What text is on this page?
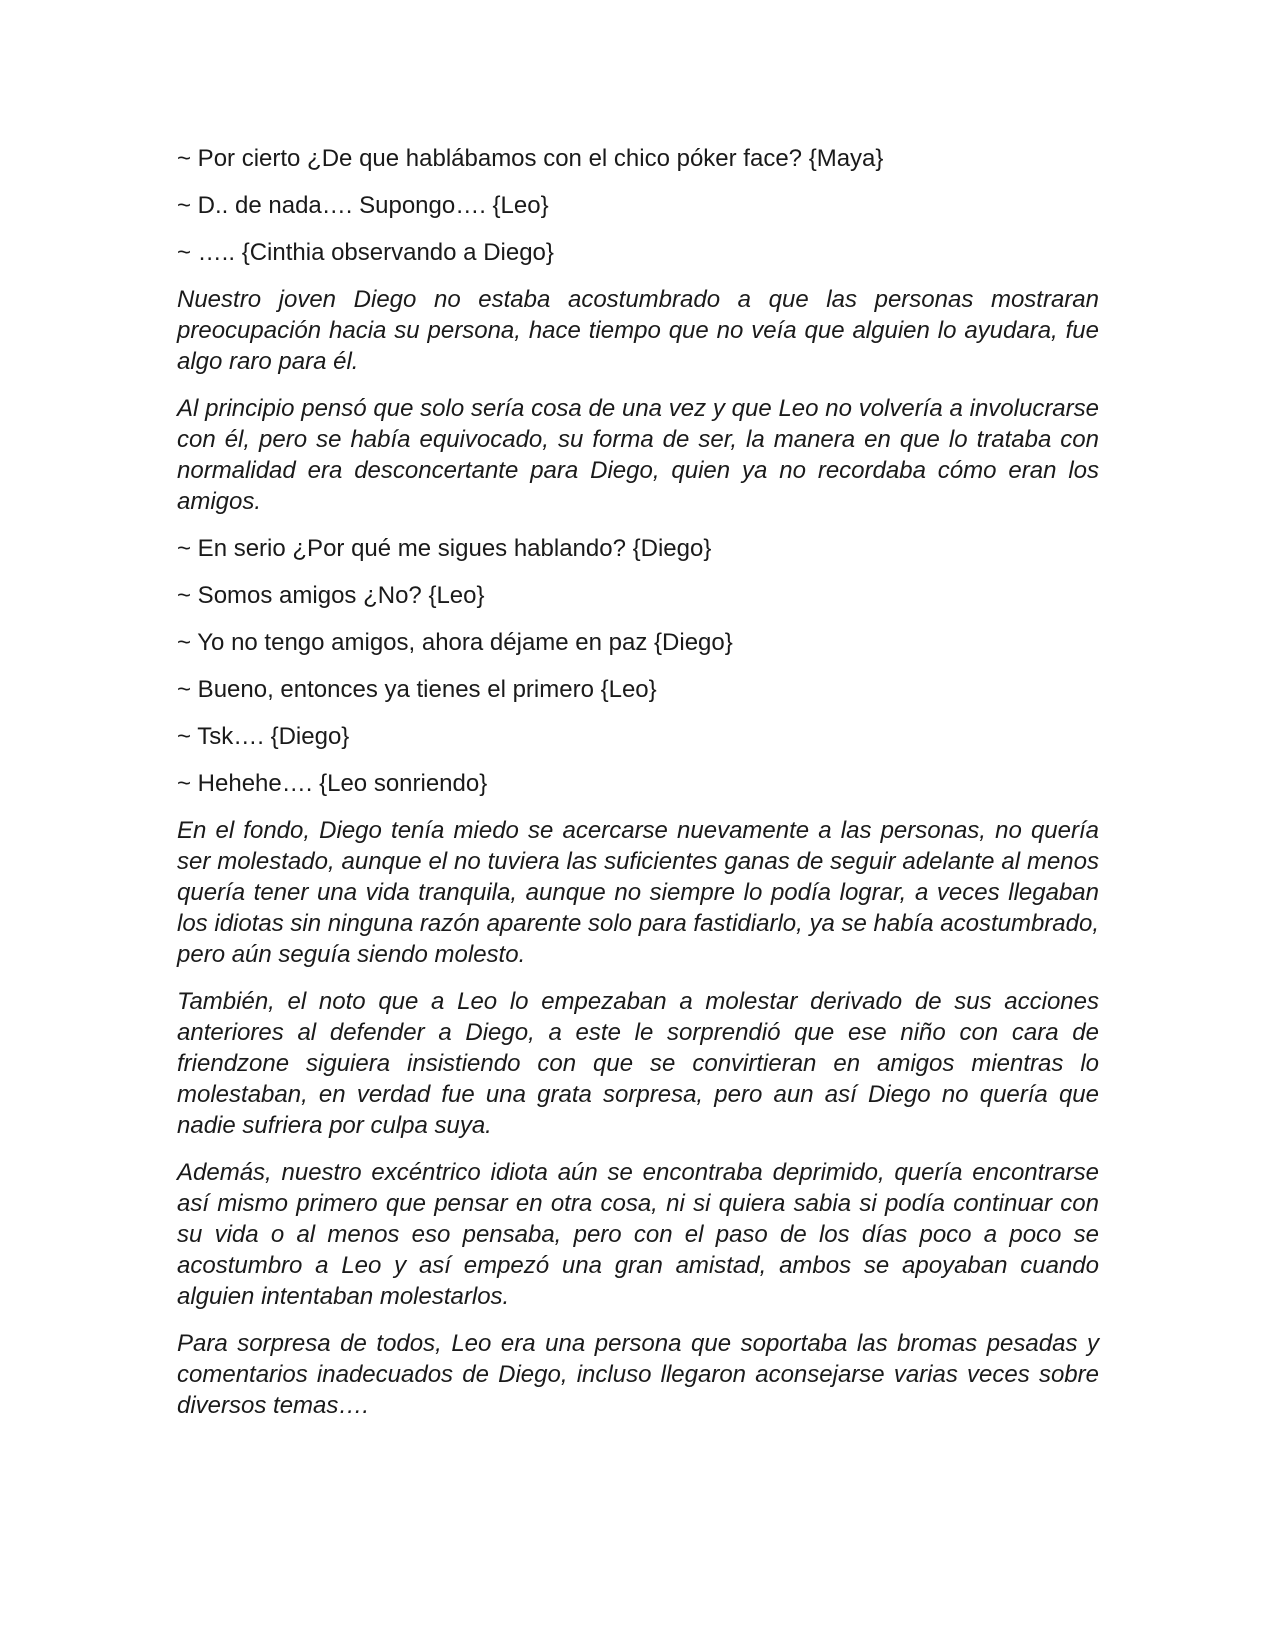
~ Por cierto ¿De que hablábamos con el chico póker face? {Maya}

~ D.. de nada…. Supongo…. {Leo}

~ ….. {Cinthia observando a Diego}

Nuestro joven Diego no estaba acostumbrado a que las personas mostraran preocupación hacia su persona, hace tiempo que no veía que alguien lo ayudara, fue algo raro para él.

Al principio pensó que solo sería cosa de una vez y que Leo no volvería a involucrarse con él, pero se había equivocado, su forma de ser, la manera en que lo trataba con normalidad era desconcertante para Diego, quien ya no recordaba cómo eran los amigos.

~ En serio ¿Por qué me sigues hablando? {Diego}

~ Somos amigos ¿No? {Leo}

~ Yo no tengo amigos, ahora déjame en paz {Diego}

~ Bueno, entonces ya tienes el primero {Leo}

~ Tsk…. {Diego}

~ Hehehe…. {Leo sonriendo}

En el fondo, Diego tenía miedo se acercarse nuevamente a las personas, no quería ser molestado, aunque el no tuviera las suficientes ganas de seguir adelante al menos quería tener una vida tranquila, aunque no siempre lo podía lograr, a veces llegaban los idiotas sin ninguna razón aparente solo para fastidiarlo, ya se había acostumbrado, pero aún seguía siendo molesto.

También, el noto que a Leo lo empezaban a molestar derivado de sus acciones anteriores al defender a Diego, a este le sorprendió que ese niño con cara de friendzone siguiera insistiendo con que se convirtieran en amigos mientras lo molestaban, en verdad fue una grata sorpresa, pero aun así Diego no quería que nadie sufriera por culpa suya.

Además, nuestro excéntrico idiota aún se encontraba deprimido, quería encontrarse así mismo primero que pensar en otra cosa, ni si quiera sabia si podía continuar con su vida o al menos eso pensaba, pero con el paso de los días poco a poco se acostumbro a Leo y así empezó una gran amistad, ambos se apoyaban cuando alguien intentaban molestarlos.

Para sorpresa de todos, Leo era una persona que soportaba las bromas pesadas y comentarios inadecuados de Diego, incluso llegaron aconsejarse varias veces sobre diversos temas….
